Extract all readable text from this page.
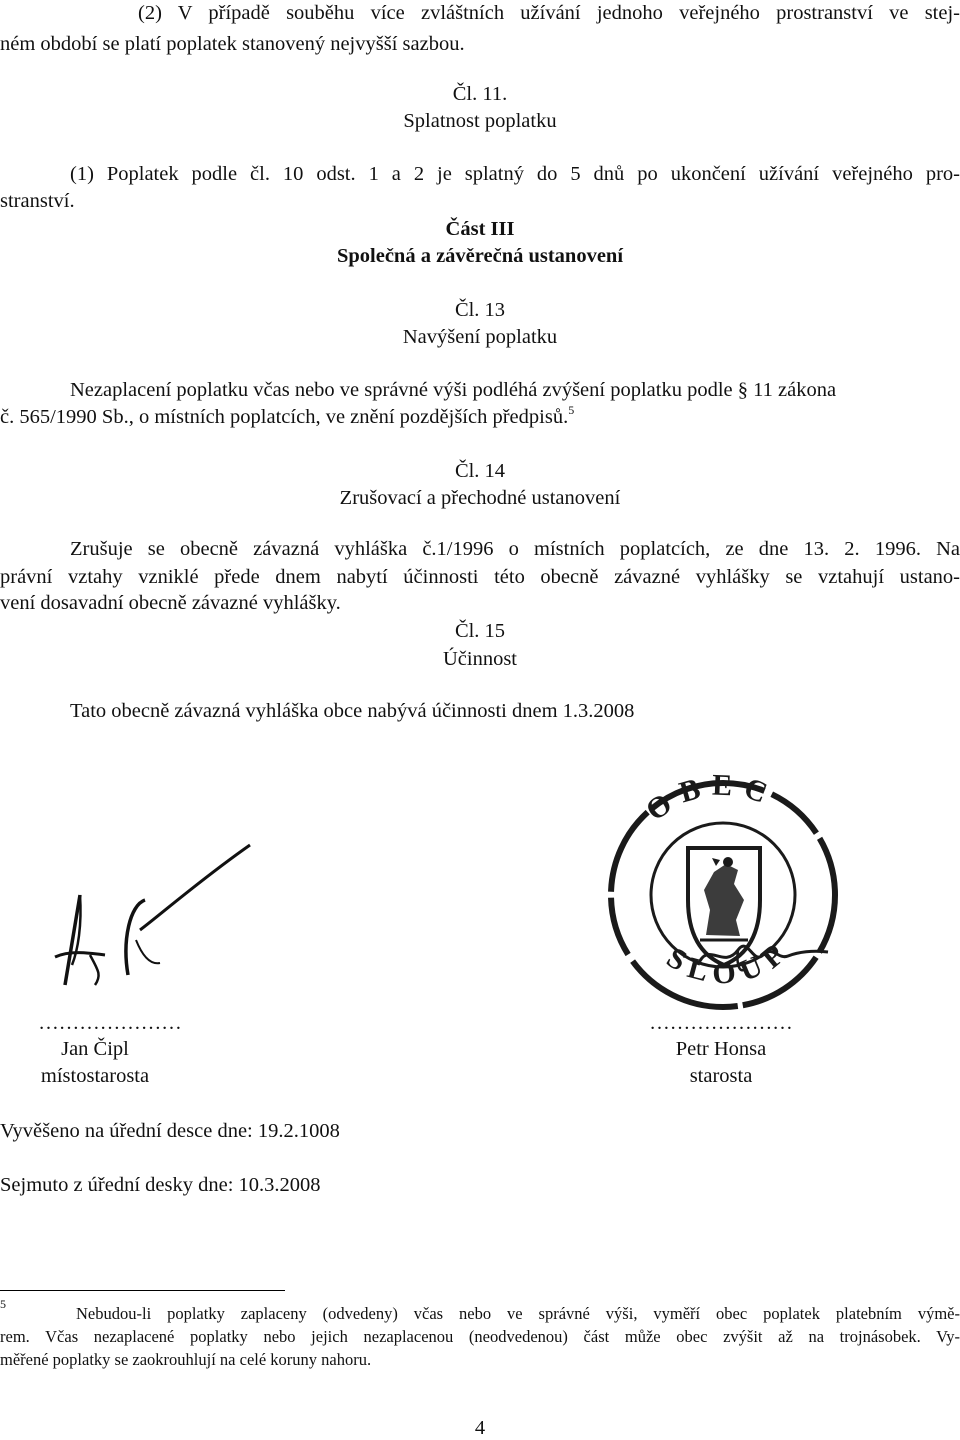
(2) V případě souběhu více zvláštních užívání jednoho veřejného prostranství ve stej-
ném období se platí poplatek stanovený nejvyšší sazbou.
Čl. 11.
Splatnost poplatku
(1) Poplatek podle čl. 10 odst. 1 a 2 je splatný do 5 dnů po ukončení užívání veřejného pro-
stranství.
Část III
Společná a závěrečná ustanovení
Čl. 13
Navýšení poplatku
Nezaplacení poplatku včas nebo ve správné výši podléhá zvýšení poplatku podle § 11 zákona
č. 565/1990 Sb., o místních poplatcích, ve znění pozdějších předpisů.$^5$
Čl. 14
Zrušovací a přechodné ustanovení
Zrušuje se obecně závazná vyhláška č.1/1996 o místních poplatcích, ze dne 13. 2. 1996. Na
právní vztahy vzniklé přede dnem nabytí účinnosti této obecně závazné vyhlášky se vztahují ustano-
vení dosavadní obecně závazné vyhlášky.
Čl. 15
Účinnost
Tato obecně závazná vyhláška obce nabývá účinnosti dnem 1.3.2008
OBEC
SLOUP
…………………
Jan Čipl
místostarosta
…………………
Petr Honsa
starosta
Vyvěšeno na úřední desce dne: 19.2.1008
Sejmuto z úřední desky dne: 10.3.2008
5	Nebudou-li poplatky zaplaceny (odvedeny) včas nebo ve správné výši, vyměří obec poplatek platebním výmě-
rem. Včas nezaplacené poplatky nebo jejich nezaplacenou (neodvedenou) část může obec zvýšit až na trojnásobek. Vy-
měřené poplatky se zaokrouhlují na celé koruny nahoru.
4
